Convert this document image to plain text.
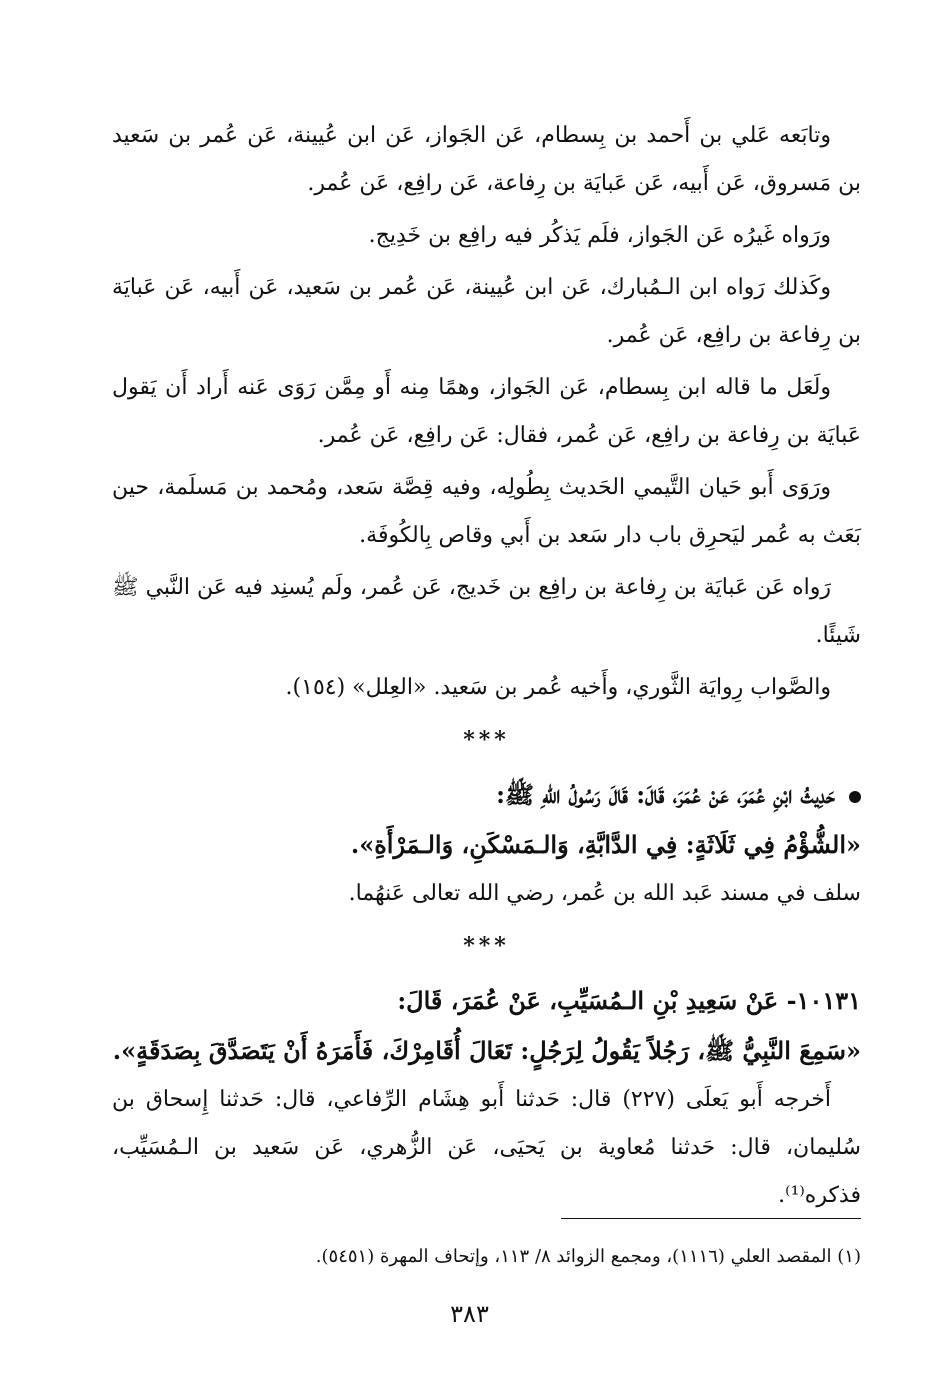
وتابَعه عَلي بن أَحمد بن بِسطام، عَن الجَواز، عَن ابن عُيينة، عَن عُمر بن سَعيد بن مَسروق، عَن أَبيه، عَن عَبايَة بن رِفاعة، عَن رافِع، عَن عُمر.

ورَواه غَيرُه عَن الجَواز، فلَم يَذكُر فيه رافِع بن خَدِيج.

وكَذلك رَواه ابن الـمُبارك، عَن ابن عُيينة، عَن عُمر بن سَعيد، عَن أَبيه، عَن عَبايَة بن رِفاعة بن رافِع، عَن عُمر.

ولَعَل ما قاله ابن بِسطام، عَن الجَواز، وهمًا مِنه أَو مِمَّن رَوَى عَنه أَراد أَن يَقول عَبايَة بن رِفاعة بن رافِع، عَن عُمر، فقال: عَن رافِع، عَن عُمر.

ورَوَى أَبو حَيان التَّيمي الحَديث بِطُولِه، وفيه قِصَّة سَعد، ومُحمد بن مَسلَمة، حين بَعَث به عُمر ليَحرِق باب دار سَعد بن أَبي وقاص بِالكُوفَة.

رَواه عَن عَبايَة بن رِفاعة بن رافِع بن خَديج، عَن عُمر، ولَم يُسنِد فيه عَن النَّبي ﷺ شَيئًا.

والصَّواب رِوايَة الثَّوري، وأَخيه عُمر بن سَعيد. «العِلل» (١٥٤).

***

حَدِيثُ ابْنِ عُمَرَ، عَنْ عُمَرَ، قَالَ: قَالَ رَسُولُ اللهِ ﷺ:

«الشُّؤْمُ فِي ثَلَاثَةٍ: فِي الدَّابَّةِ، وَالـمَسْكَنِ، وَالـمَرْأَةِ».

سلف في مسند عَبد الله بن عُمر، رضي الله تعالى عَنهُما.

***

١٠١٣١- عَنْ سَعِيدِ بْنِ الـمُسَيِّبِ، عَنْ عُمَرَ، قَالَ:

«سَمِعَ النَّبِيُّ ﷺ، رَجُلاً يَقُولُ لِرَجُلٍ: تَعَالَ أُقَامِرْكَ، فَأَمَرَهُ أَنْ يَتَصَدَّقَ بِصَدَقَةٍ».

أَخرجه أَبو يَعلَى (٢٢٧) قال: حَدثنا أَبو هِشَام الرِّفاعي، قال: حَدثنا إِسحاق بن سُليمان، قال: حَدثنا مُعاوية بن يَحيَى، عَن الزُّهري، عَن سَعيد بن الـمُسَيِّب، فذكره⁽¹⁾.

(١) المقصد العلي (١١١٦)، ومجمع الزوائد ٨/ ١١٣، وإتحاف المهرة (٥٤٥١).
٣٨٣
